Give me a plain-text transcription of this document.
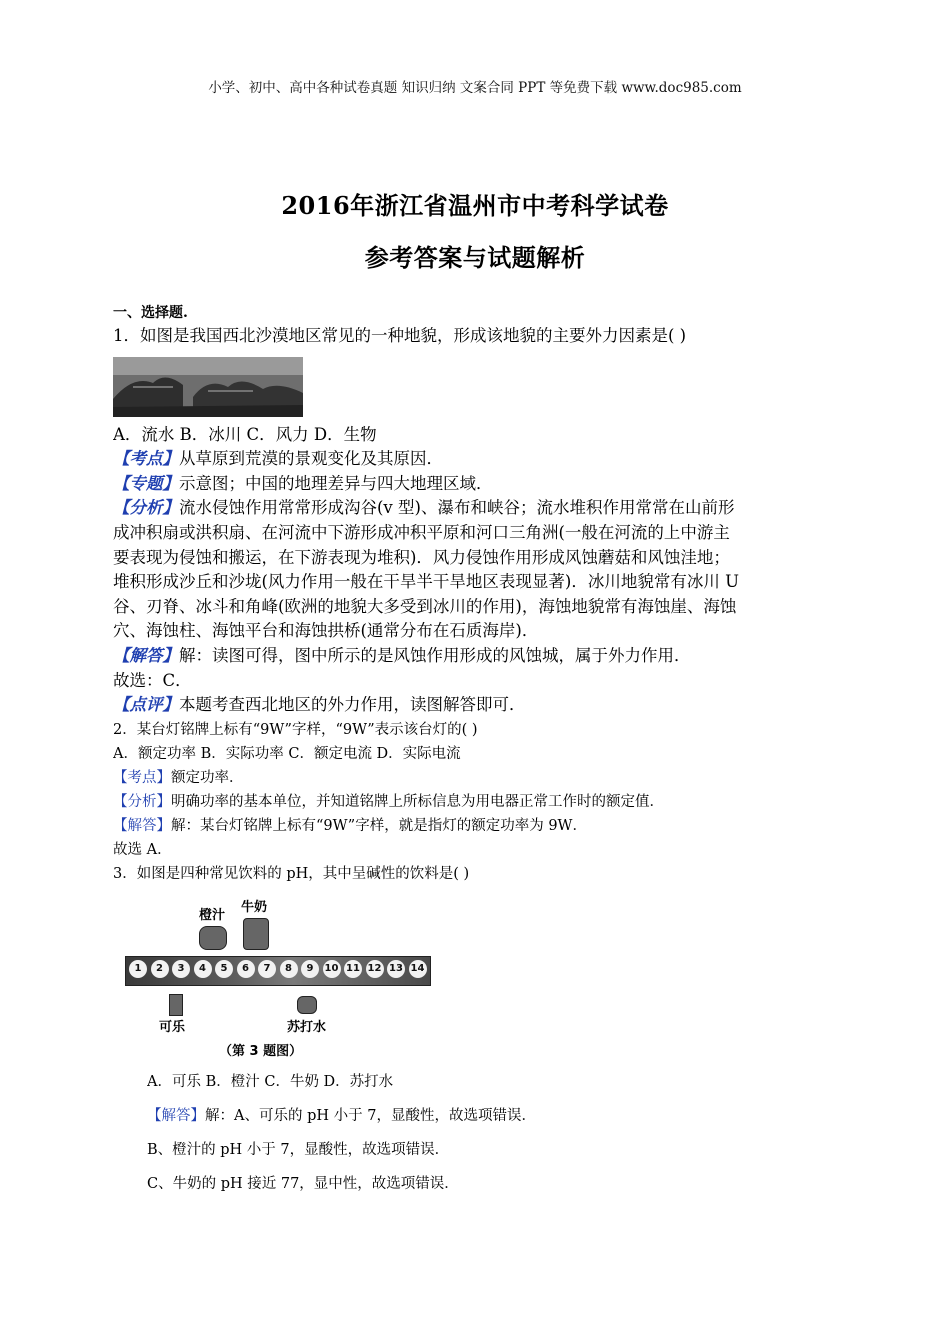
小学、初中、高中各种试卷真题 知识归纳 文案合同 PPT 等免费下载 www.doc985.com
2016年浙江省温州市中考科学试卷
参考答案与试题解析
一、选择题.
1．如图是我国西北沙漠地区常见的一种地貌，形成该地貌的主要外力因素是( )
A．流水 B．冰川 C．风力 D．生物
【考点】从草原到荒漠的景观变化及其原因．
【专题】示意图；中国的地理差异与四大地理区域．
【分析】流水侵蚀作用常常形成沟谷(v 型)、瀑布和峡谷；流水堆积作用常常在山前形
成冲积扇或洪积扇、在河流中下游形成冲积平原和河口三角洲(一般在河流的上中游主
要表现为侵蚀和搬运，在下游表现为堆积)．风力侵蚀作用形成风蚀蘑菇和风蚀洼地；
堆积形成沙丘和沙垅(风力作用一般在干旱半干旱地区表现显著)．冰川地貌常有冰川 U
谷、刃脊、冰斗和角峰(欧洲的地貌大多受到冰川的作用)，海蚀地貌常有海蚀崖、海蚀
穴、海蚀柱、海蚀平台和海蚀拱桥(通常分布在石质海岸)．
【解答】解：读图可得，图中所示的是风蚀作用形成的风蚀城，属于外力作用．
故选：C．
【点评】本题考查西北地区的外力作用，读图解答即可．
2．某台灯铭牌上标有“9W”字样，“9W”表示该台灯的( )
A．额定功率 B．实际功率 C．额定电流 D．实际电流
【考点】额定功率．
【分析】明确功率的基本单位，并知道铭牌上所标信息为用电器正常工作时的额定值．
【解答】解：某台灯铭牌上标有“9W”字样，就是指灯的额定功率为 9W．
故选 A．
3．如图是四种常见饮料的 pH，其中呈碱性的饮料是( )
橙汁
牛奶
可乐	苏打水
（第 3 题图）
1	2	3	4	5	6	7	8	9	10 11 12 13 14
A．可乐 B．橙汁 C．牛奶 D．苏打水
【解答】解：A、可乐的 pH 小于 7，显酸性，故选项错误．
B、橙汁的 pH 小于 7，显酸性，故选项错误．
C、牛奶的 pH 接近 77，显中性，故选项错误．
